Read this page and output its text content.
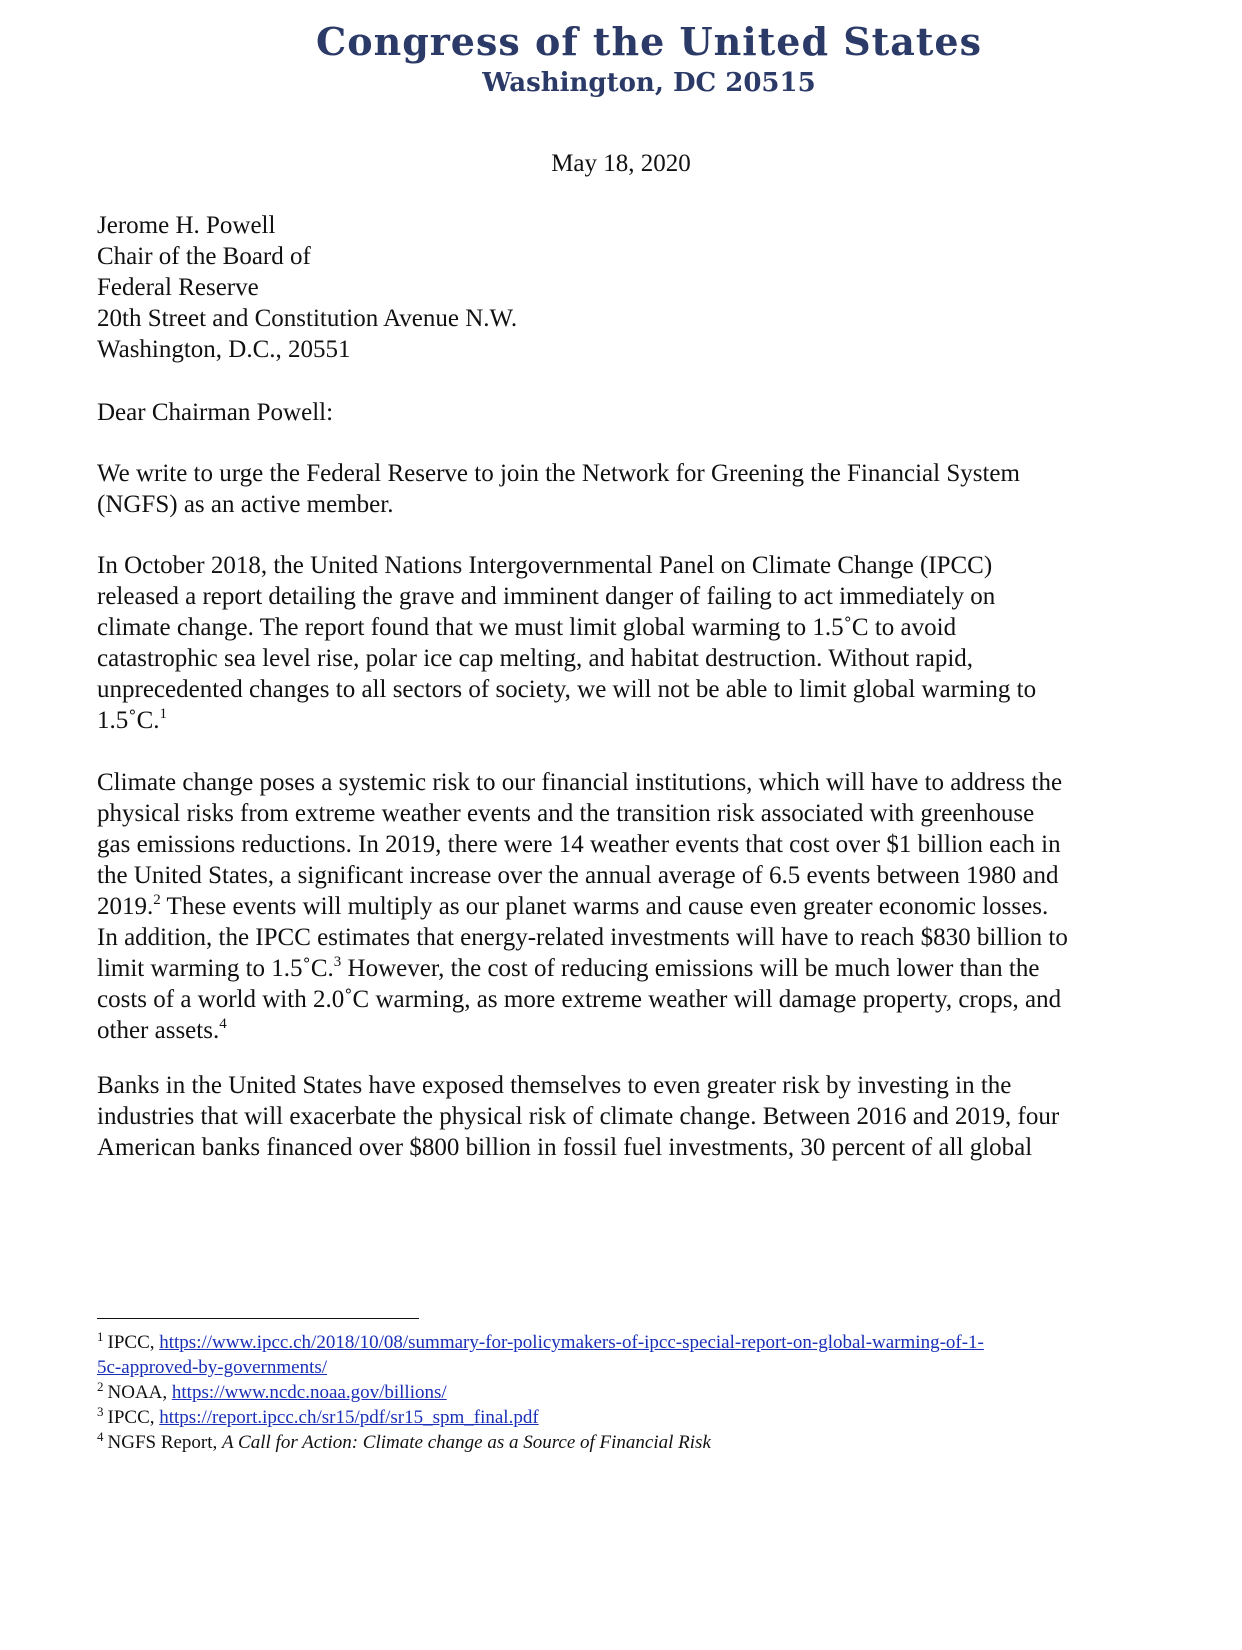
Congress of the United States
Washington, DC 20515
May 18, 2020
Jerome H. Powell
Chair of the Board of
Federal Reserve
20th Street and Constitution Avenue N.W.
Washington, D.C., 20551
Dear Chairman Powell:
We write to urge the Federal Reserve to join the Network for Greening the Financial System
(NGFS) as an active member.
In October 2018, the United Nations Intergovernmental Panel on Climate Change (IPCC)
released a report detailing the grave and imminent danger of failing to act immediately on
climate change. The report found that we must limit global warming to 1.5˚C to avoid
catastrophic sea level rise, polar ice cap melting, and habitat destruction. Without rapid,
unprecedented changes to all sectors of society, we will not be able to limit global warming to
1.5˚C.$^1$
Climate change poses a systemic risk to our financial institutions, which will have to address the
physical risks from extreme weather events and the transition risk associated with greenhouse
gas emissions reductions. In 2019, there were 14 weather events that cost over $1 billion each in
the United States, a significant increase over the annual average of 6.5 events between 1980 and
2019.$^2$ These events will multiply as our planet warms and cause even greater economic losses.
In addition, the IPCC estimates that energy-related investments will have to reach $830 billion to
limit warming to 1.5˚C.$^3$ However, the cost of reducing emissions will be much lower than the
costs of a world with 2.0˚C warming, as more extreme weather will damage property, crops, and
other assets.$^4$
Banks in the United States have exposed themselves to even greater risk by investing in the
industries that will exacerbate the physical risk of climate change. Between 2016 and 2019, four
American banks financed over $800 billion in fossil fuel investments, 30 percent of all global
$^1$ IPCC, https://www.ipcc.ch/2018/10/08/summary-for-policymakers-of-ipcc-special-report-on-global-warming-of-1-
5c-approved-by-governments/
$^2$ NOAA, https://www.ncdc.noaa.gov/billions/
$^3$ IPCC, https://report.ipcc.ch/sr15/pdf/sr15_spm_final.pdf
$^4$ NGFS Report, A Call for Action: Climate change as a Source of Financial Risk
